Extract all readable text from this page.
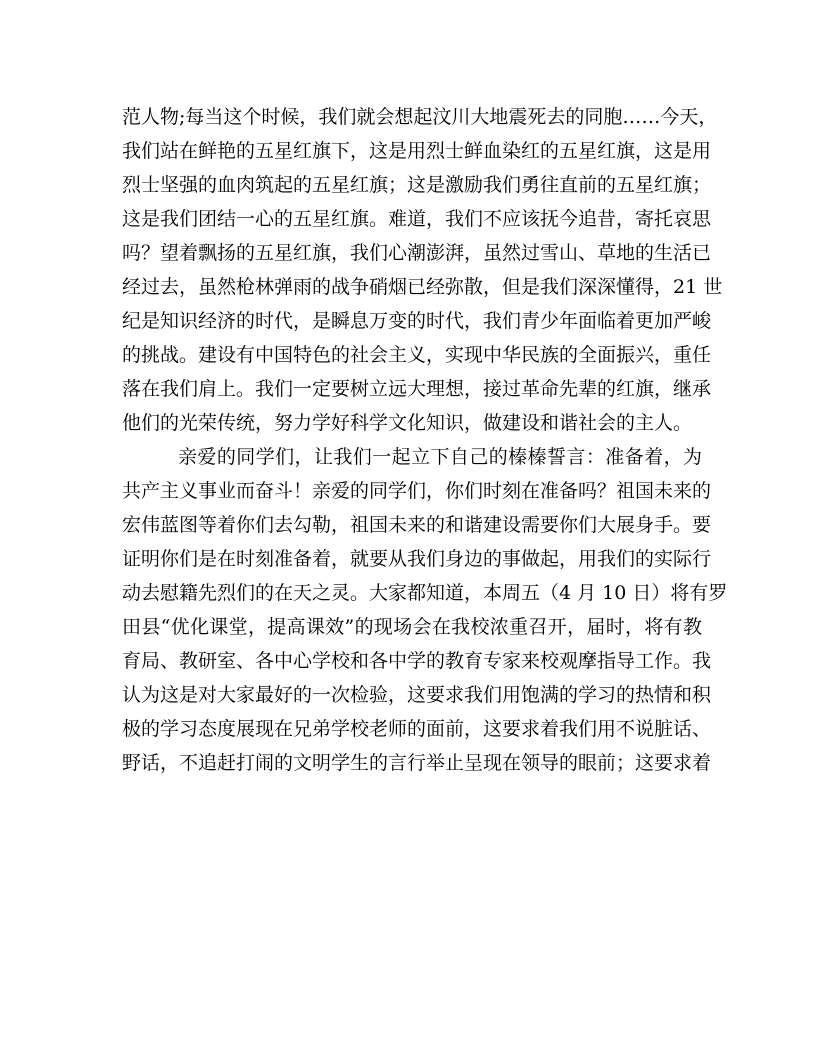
范人物;每当这个时候，我们就会想起汶川大地震死去的同胞……今天，
我们站在鲜艳的五星红旗下，这是用烈士鲜血染红的五星红旗，这是用
烈士坚强的血肉筑起的五星红旗；这是激励我们勇往直前的五星红旗；
这是我们团结一心的五星红旗。难道，我们不应该抚今追昔，寄托哀思
吗？望着飘扬的五星红旗，我们心潮澎湃，虽然过雪山、草地的生活已
经过去，虽然枪林弹雨的战争硝烟已经弥散，但是我们深深懂得，21 世
纪是知识经济的时代，是瞬息万变的时代，我们青少年面临着更加严峻
的挑战。建设有中国特色的社会主义，实现中华民族的全面振兴，重任
落在我们肩上。我们一定要树立远大理想，接过革命先辈的红旗，继承
他们的光荣传统，努力学好科学文化知识，做建设和谐社会的主人。
亲爱的同学们，让我们一起立下自己的榛榛誓言：准备着，为
共产主义事业而奋斗！亲爱的同学们，你们时刻在准备吗？祖国未来的
宏伟蓝图等着你们去勾勒，祖国未来的和谐建设需要你们大展身手。要
证明你们是在时刻准备着，就要从我们身边的事做起，用我们的实际行
动去慰籍先烈们的在天之灵。大家都知道，本周五（4 月 10 日）将有罗
田县“优化课堂，提高课效”的现场会在我校浓重召开，届时，将有教
育局、教研室、各中心学校和各中学的教育专家来校观摩指导工作。我
认为这是对大家最好的一次检验，这要求我们用饱满的学习的热情和积
极的学习态度展现在兄弟学校老师的面前，这要求着我们用不说脏话、
野话，不追赶打闹的文明学生的言行举止呈现在领导的眼前；这要求着
